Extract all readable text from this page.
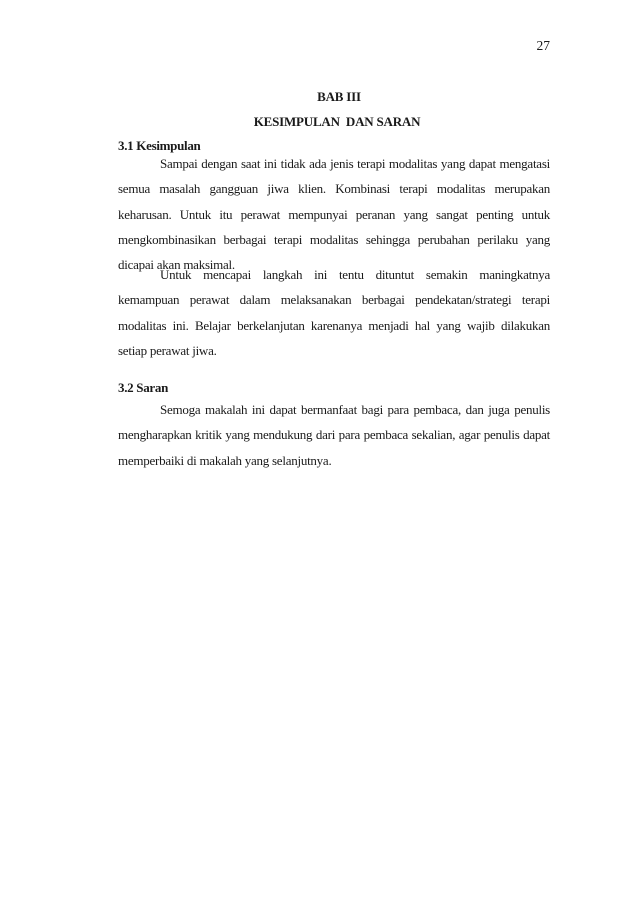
27
BAB III
KESIMPULAN  DAN SARAN
3.1 Kesimpulan

Sampai dengan saat ini tidak ada jenis terapi modalitas yang dapat mengatasi semua masalah gangguan jiwa klien. Kombinasi terapi modalitas merupakan keharusan. Untuk itu perawat mempunyai peranan yang sangat penting untuk mengkombinasikan berbagai terapi modalitas sehingga perubahan perilaku yang dicapai akan maksimal.

Untuk mencapai langkah ini tentu dituntut semakin maningkatnya kemampuan perawat dalam melaksanakan berbagai pendekatan/strategi terapi modalitas ini. Belajar berkelanjutan karenanya menjadi hal yang wajib dilakukan setiap perawat jiwa.

3.2 Saran

Semoga makalah ini dapat bermanfaat bagi para pembaca, dan juga penulis mengharapkan kritik yang mendukung dari para pembaca sekalian, agar penulis dapat memperbaiki di makalah yang selanjutnya.
